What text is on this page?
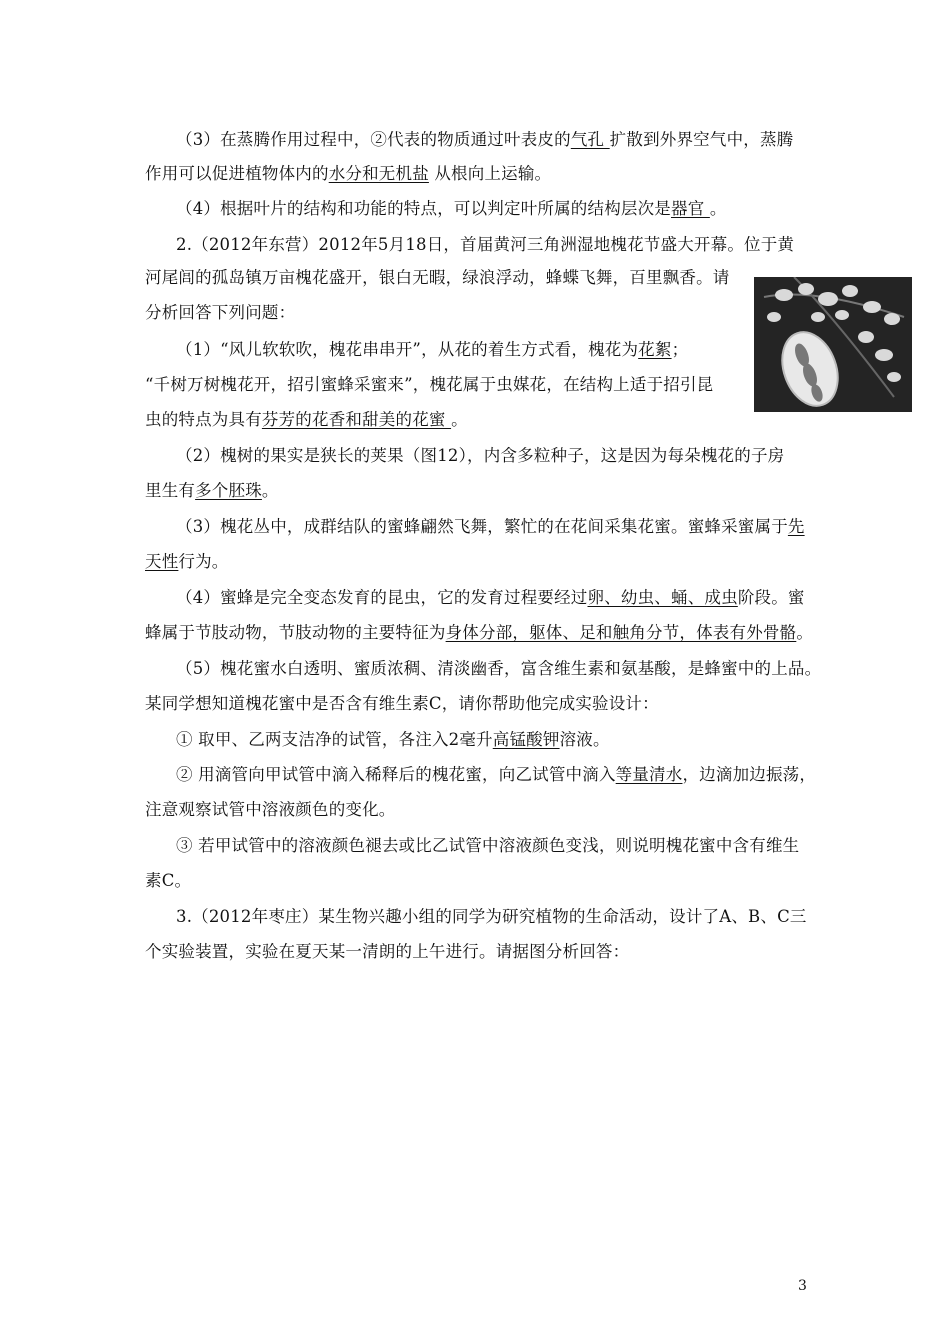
（3）在蒸腾作用过程中，②代表的物质通过叶表皮的气孔 扩散到外界空气中，蒸腾
作用可以促进植物体内的水分和无机盐 从根向上运输。
（4）根据叶片的结构和功能的特点，可以判定叶所属的结构层次是器官 。
2.（2012年东营）2012年5月18日，首届黄河三角洲湿地槐花节盛大开幕。位于黄
河尾闾的孤岛镇万亩槐花盛开，银白无暇，绿浪浮动，蜂蝶飞舞，百里飘香。请
分析回答下列问题：
（1）“风儿软软吹，槐花串串开”，从花的着生方式看，槐花为花絮；
“千树万树槐花开，招引蜜蜂采蜜来”，槐花属于虫媒花，在结构上适于招引昆
虫的特点为具有芬芳的花香和甜美的花蜜 。
（2）槐树的果实是狭长的荚果（图12），内含多粒种子，这是因为每朵槐花的子房
里生有多个胚珠。
（3）槐花丛中，成群结队的蜜蜂翩然飞舞，繁忙的在花间采集花蜜。蜜蜂采蜜属于先
天性行为。
（4）蜜蜂是完全变态发育的昆虫，它的发育过程要经过卵、幼虫、蛹、成虫阶段。蜜
蜂属于节肢动物，节肢动物的主要特征为身体分部，躯体、足和触角分节，体表有外骨骼。
（5）槐花蜜水白透明、蜜质浓稠、清淡幽香，富含维生素和氨基酸，是蜂蜜中的上品。
某同学想知道槐花蜜中是否含有维生素C，请你帮助他完成实验设计：
① 取甲、乙两支洁净的试管，各注入2毫升高锰酸钾溶液。
② 用滴管向甲试管中滴入稀释后的槐花蜜，向乙试管中滴入等量清水，边滴加边振荡，
注意观察试管中溶液颜色的变化。
③ 若甲试管中的溶液颜色褪去或比乙试管中溶液颜色变浅，则说明槐花蜜中含有维生
素C。
3.（2012年枣庄）某生物兴趣小组的同学为研究植物的生命活动，设计了A、B、C三
个实验装置，实验在夏天某一清朗的上午进行。请据图分析回答：
3
